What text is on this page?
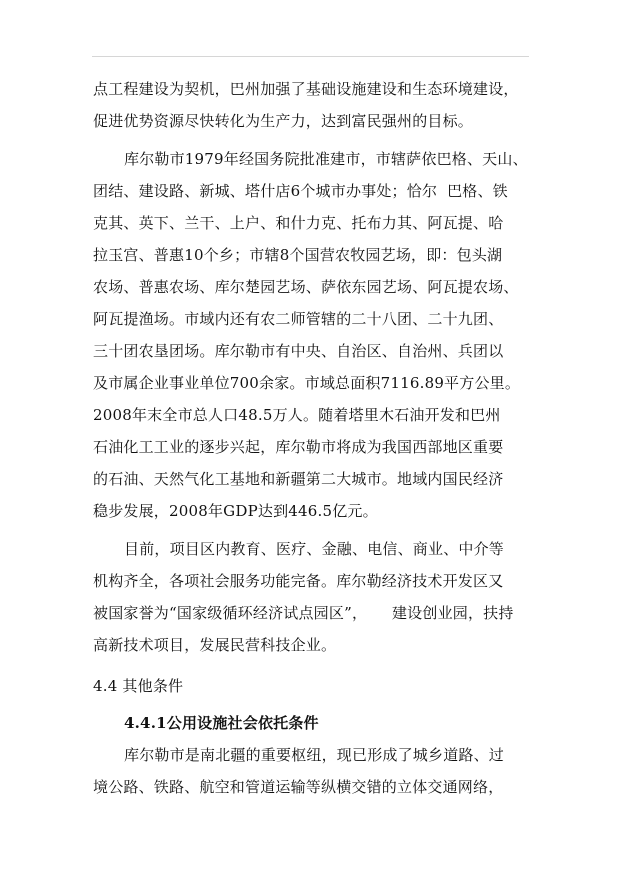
点工程建设为契机，巴州加强了基础设施建设和生态环境建设，
促进优势资源尽快转化为生产力，达到富民强州的目标。
库尔勒市1979年经国务院批准建市，市辖萨依巴格、天山、
团结、建设路、新城、塔什店6个城市办事处；恰尔  巴格、铁
克其、英下、兰干、上户、和什力克、托布力其、阿瓦提、哈
拉玉宫、普惠10个乡；市辖8个国营农牧园艺场，即：包头湖
农场、普惠农场、库尔楚园艺场、萨依东园艺场、阿瓦提农场、
阿瓦提渔场。市域内还有农二师管辖的二十八团、二十九团、
三十团农垦团场。库尔勒市有中央、自治区、自治州、兵团以
及市属企业事业单位700余家。市域总面积7116.89平方公里。
2008年末全市总人口48.5万人。随着塔里木石油开发和巴州
石油化工工业的逐步兴起，库尔勒市将成为我国西部地区重要
的石油、天然气化工基地和新疆第二大城市。地域内国民经济
稳步发展，2008年GDP达到446.5亿元。
目前，项目区内教育、医疗、金融、电信、商业、中介等
机构齐全，各项社会服务功能完备。库尔勒经济技术开发区又
被国家誉为“国家级循环经济试点园区”，     建设创业园，扶持
高新技术项目，发展民营科技企业。
4.4 其他条件
4.4.1公用设施社会依托条件
库尔勒市是南北疆的重要枢纽，现已形成了城乡道路、过
境公路、铁路、航空和管道运输等纵横交错的立体交通网络，
